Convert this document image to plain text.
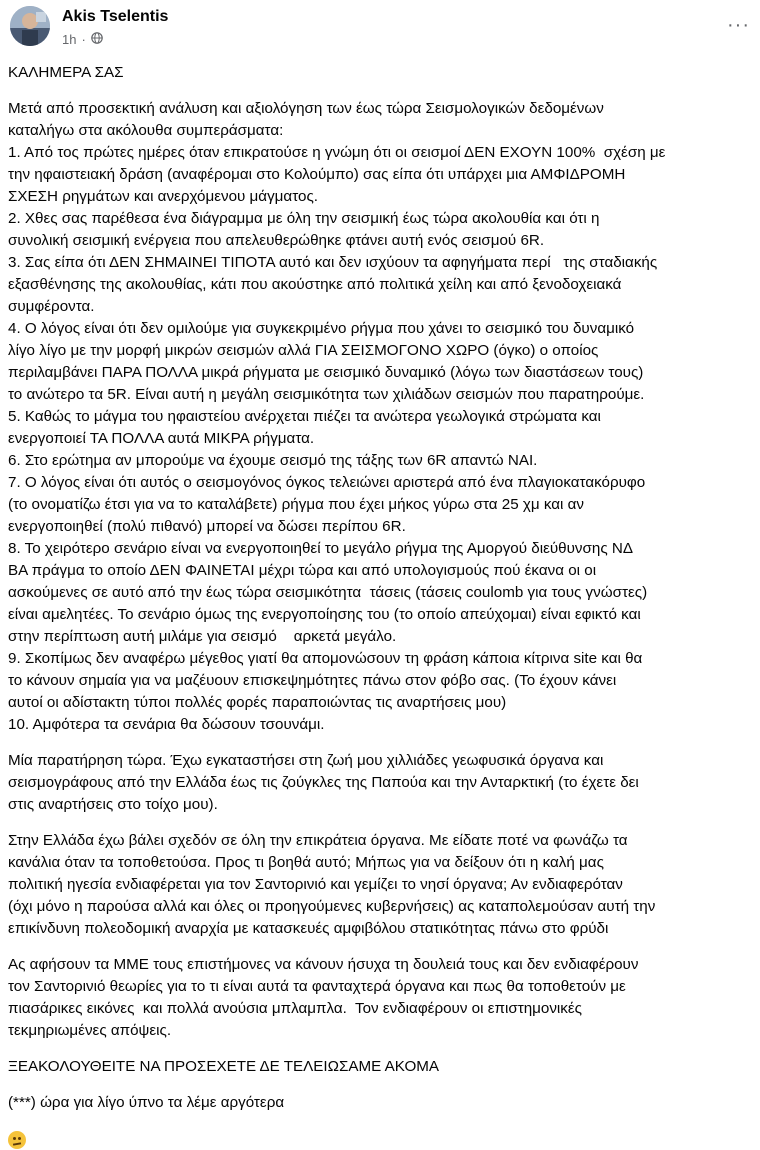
Akis Tselentis
1h ·
···
ΚΑΛΗΜΕΡΑ ΣΑΣ
Μετά από προσεκτική ανάλυση και αξιολόγηση των έως τώρα Σεισμολογικών δεδομένων
καταλήγω στα ακόλουθα συμπεράσματα:
1. Από τος πρώτες ημέρες όταν επικρατούσε η γνώμη ότι οι σεισμοί ΔΕΝ ΕΧΟΥΝ 100%  σχέση με
την ηφαιστειακή δράση (αναφέρομαι στο Κολούμπο) σας είπα ότι υπάρχει μια ΑΜΦΙΔΡΟΜΗ
ΣΧΕΣΗ ρηγμάτων και ανερχόμενου μάγματος.
2. Χθες σας παρέθεσα ένα διάγραμμα με όλη την σεισμική έως τώρα ακολουθία και ότι η
συνολική σεισμική ενέργεια που απελευθερώθηκε φτάνει αυτή ενός σεισμού 6R.
3. Σας είπα ότι ΔΕΝ ΣΗΜΑΙΝΕΙ ΤΙΠΟΤΑ αυτό και δεν ισχύουν τα αφηγήματα περί   της σταδιακής
εξασθένησης της ακολουθίας, κάτι που ακούστηκε από πολιτικά χείλη και από ξενοδοχειακά
συμφέροντα.
4. Ο λόγος είναι ότι δεν ομιλούμε για συγκεκριμένο ρήγμα που χάνει το σεισμικό του δυναμικό
λίγο λίγο με την μορφή μικρών σεισμών αλλά ΓΙΑ ΣΕΙΣΜΟΓΟΝΟ ΧΩΡΟ (όγκο) ο οποίος
περιλαμβάνει ΠΑΡΑ ΠΟΛΛΑ μικρά ρήγματα με σεισμικό δυναμικό (λόγω των διαστάσεων τους)
το ανώτερο τα 5R. Είναι αυτή η μεγάλη σεισμικότητα των χιλιάδων σεισμών που παρατηρούμε.
5. Καθώς το μάγμα του ηφαιστείου ανέρχεται πιέζει τα ανώτερα γεωλογικά στρώματα και
ενεργοποιεί ΤΑ ΠΟΛΛΑ αυτά ΜΙΚΡΑ ρήγματα.
6. Στο ερώτημα αν μπορούμε να έχουμε σεισμό της τάξης των 6R απαντώ ΝΑΙ.
7. Ο λόγος είναι ότι αυτός ο σεισμογόνος όγκος τελειώνει αριστερά από ένα πλαγιοκατακόρυφο
(το ονοματίζω έτσι για να το καταλάβετε) ρήγμα που έχει μήκος γύρω στα 25 χμ και αν
ενεργοποιηθεί (πολύ πιθανό) μπορεί να δώσει περίπου 6R.
8. Το χειρότερο σενάριο είναι να ενεργοποιηθεί το μεγάλο ρήγμα της Αμοργού διεύθυνσης ΝΔ
ΒΑ πράγμα το οποίο ΔΕΝ ΦΑΙΝΕΤΑΙ μέχρι τώρα και από υπολογισμούς πού έκανα οι οι
ασκούμενες σε αυτό από την έως τώρα σεισμικότητα  τάσεις (τάσεις coulomb για τους γνώστες)
είναι αμελητέες. Το σενάριο όμως της ενεργοποίησης του (το οποίο απεύχομαι) είναι εφικτό και
στην περίπτωση αυτή μιλάμε για σεισμό    αρκετά μεγάλο.
9. Σκοπίμως δεν αναφέρω μέγεθος γιατί θα απομονώσουν τη φράση κάποια κίτρινα site και θα
το κάνουν σημαία για να μαζέυουν επισκεψημότητες πάνω στον φόβο σας. (Το έχουν κάνει
αυτοί οι αδίστακτη τύποι πολλές φορές παραποιώντας τις αναρτήσεις μου)
10. Αμφότερα τα σενάρια θα δώσουν τσουνάμι.
Μία παρατήρηση τώρα. Έχω εγκαταστήσει στη ζωή μου χιλλιάδες γεωφυσικά όργανα και
σεισμογράφους από την Ελλάδα έως τις ζούγκλες της Παπούα και την Ανταρκτική (το έχετε δει
στις αναρτήσεις στο τοίχο μου).
Στην Ελλάδα έχω βάλει σχεδόν σε όλη την επικράτεια όργανα. Με είδατε ποτέ να φωνάζω τα
κανάλια όταν τα τοποθετούσα. Προς τι βοηθά αυτό; Μήπως για να δείξουν ότι η καλή μας
πολιτική ηγεσία ενδιαφέρεται για τον Σαντορινιό και γεμίζει το νησί όργανα; Αν ενδιαφερόταν
(όχι μόνο η παρούσα αλλά και όλες οι προηγούμενες κυβερνήσεις) ας καταπολεμούσαν αυτή την
επικίνδυνη πολεοδομική αναρχία με κατασκευές αμφιβόλου στατικότητας πάνω στο φρύδι
Ας αφήσουν τα ΜΜΕ τους επιστήμονες να κάνουν ήσυχα τη δουλειά τους και δεν ενδιαφέρουν
τον Σαντορινιό θεωρίες για το τι είναι αυτά τα φανταχτερά όργανα και πως θα τοποθετούν με
πιασάρικες εικόνες  και πολλά ανούσια μπλαμπλα.  Τον ενδιαφέρουν οι επιστημονικές
τεκμηριωμένες απόψεις.
ΞΕΑΚΟΛΟΥΘΕΙΤΕ ΝΑ ΠΡΟΣΕΧΕΤΕ ΔΕ ΤΕΛΕΙΩΣΑΜΕ ΑΚΟΜΑ
(***) ώρα για λίγο ύπνο τα λέμε αργότερα
